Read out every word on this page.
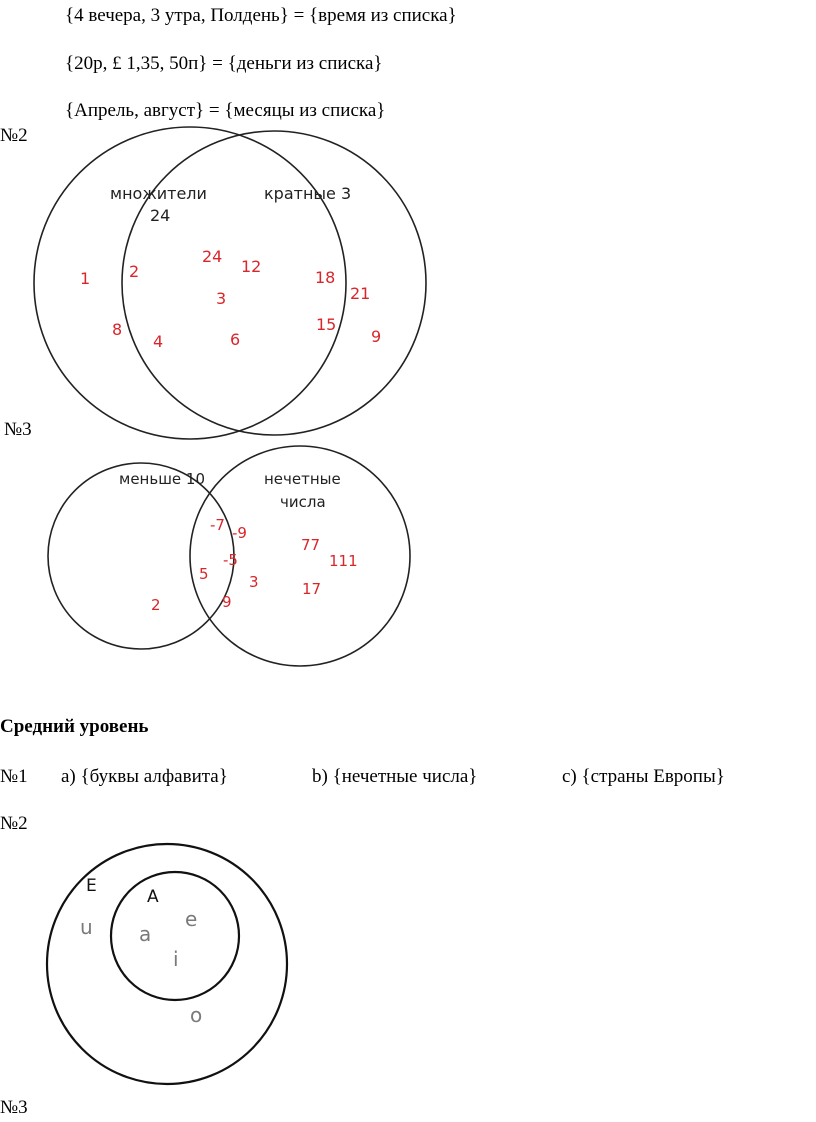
{4 вечера, 3 утра, Полдень} = {время из списка}
{20р, £ 1,35, 50п} = {деньги из списка}
{Апрель, август} = {месяцы из списка}
№2
множители
24
кратные 3
1 2
8
4
24
12
3
6
18
21
15
9
меньше 10	нечетные
числа
2
-7 -9
-5
5	3
9
77
111
17
E
A
u
o
a
e
i
№3
Средний уровень
№1 a) {буквы алфавита}	b) {нечетные числа}	c) {страны Европы}
№2
№3
